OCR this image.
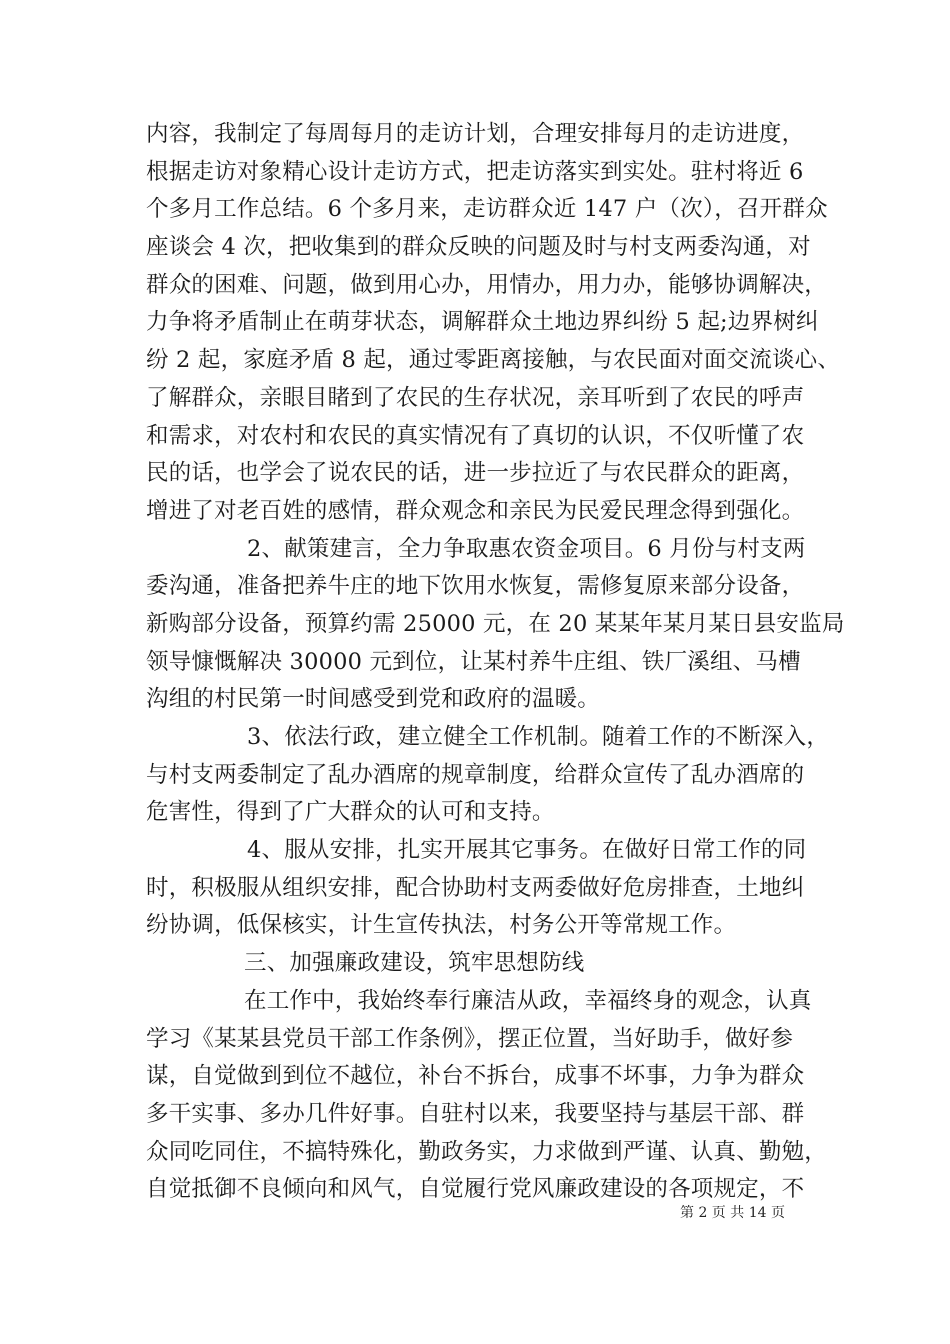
内容，我制定了每周每月的走访计划，合理安排每月的走访进度，
根据走访对象精心设计走访方式，把走访落实到实处。驻村将近 6
个多月工作总结。6 个多月来，走访群众近 147 户（次），召开群众
座谈会 4 次，把收集到的群众反映的问题及时与村支两委沟通，对
群众的困难、问题，做到用心办，用情办，用力办，能够协调解决，
力争将矛盾制止在萌芽状态，调解群众土地边界纠纷 5 起;边界树纠
纷 2 起，家庭矛盾 8 起，通过零距离接触，与农民面对面交流谈心、
了解群众，亲眼目睹到了农民的生存状况，亲耳听到了农民的呼声
和需求，对农村和农民的真实情况有了真切的认识，不仅听懂了农
民的话，也学会了说农民的话，进一步拉近了与农民群众的距离，
增进了对老百姓的感情，群众观念和亲民为民爱民理念得到强化。
2、献策建言，全力争取惠农资金项目。6 月份与村支两
委沟通，准备把养牛庄的地下饮用水恢复，需修复原来部分设备，
新购部分设备，预算约需 25000 元，在 20 某某年某月某日县安监局
领导慷慨解决 30000 元到位，让某村养牛庄组、铁厂溪组、马槽
沟组的村民第一时间感受到党和政府的温暖。
3、依法行政，建立健全工作机制。随着工作的不断深入，
与村支两委制定了乱办酒席的规章制度，给群众宣传了乱办酒席的
危害性，得到了广大群众的认可和支持。
4、服从安排，扎实开展其它事务。在做好日常工作的同
时，积极服从组织安排，配合协助村支两委做好危房排查，土地纠
纷协调，低保核实，计生宣传执法，村务公开等常规工作。
三、加强廉政建设，筑牢思想防线
在工作中，我始终奉行廉洁从政，幸福终身的观念，认真
学习《某某县党员干部工作条例》，摆正位置，当好助手，做好参
谋，自觉做到到位不越位，补台不拆台，成事不坏事，力争为群众
多干实事、多办几件好事。自驻村以来，我要坚持与基层干部、群
众同吃同住，不搞特殊化，勤政务实，力求做到严谨、认真、勤勉，
自觉抵御不良倾向和风气，自觉履行党风廉政建设的各项规定，不
第 2 页 共 14 页
